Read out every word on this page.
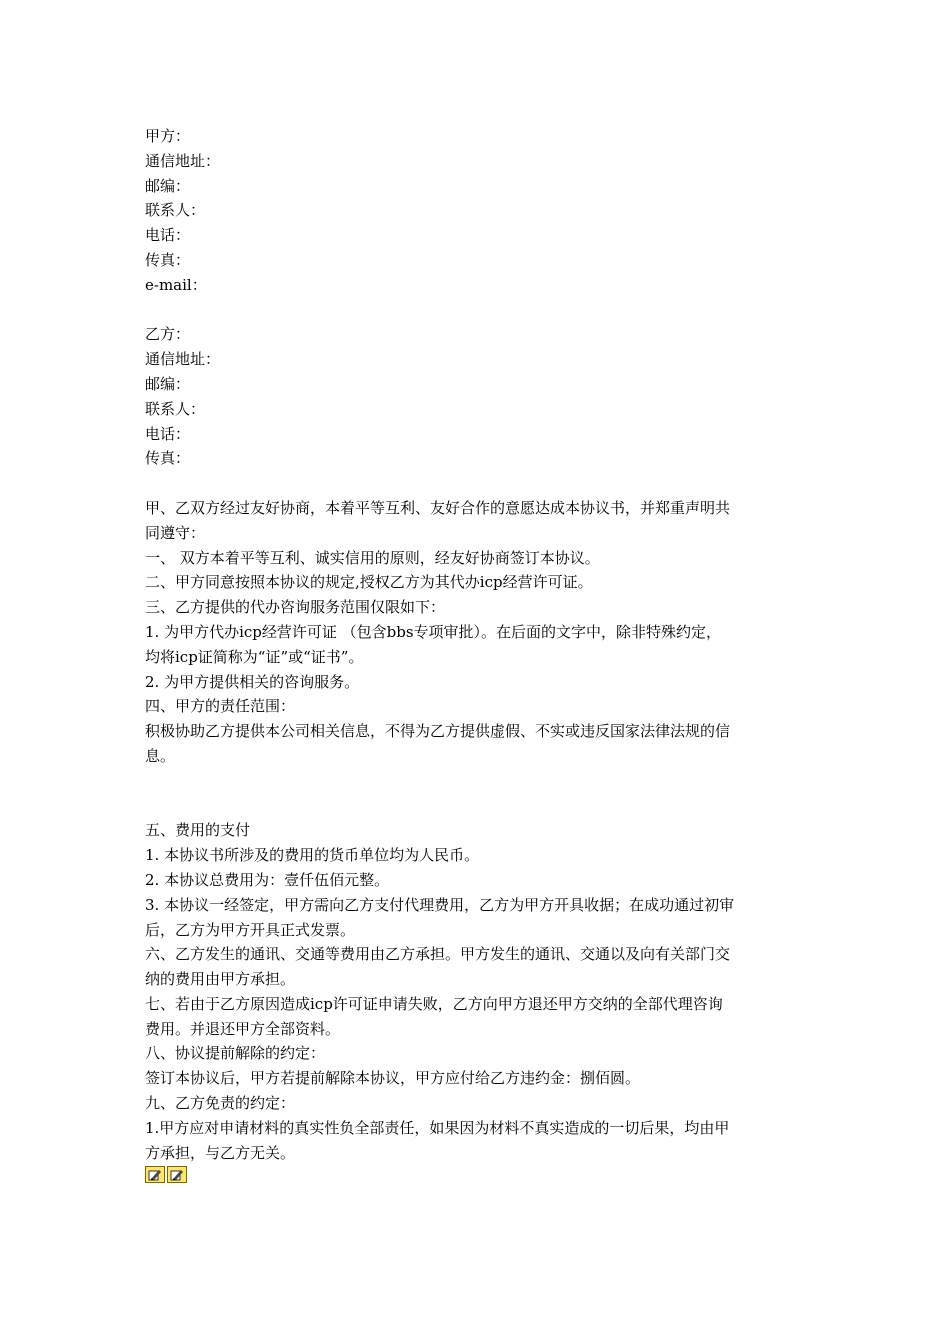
甲方：
通信地址：
邮编：
联系人：
电话：
传真：
e-mail：
乙方：
通信地址：
邮编：
联系人：
电话：
传真：
甲、乙双方经过友好协商，本着平等互利、友好合作的意愿达成本协议书，并郑重声明共
同遵守：
一、 双方本着平等互利、诚实信用的原则，经友好协商签订本协议。
二、甲方同意按照本协议的规定,授权乙方为其代办icp经营许可证。
三、乙方提供的代办咨询服务范围仅限如下：
1. 为甲方代办icp经营许可证 （包含bbs专项审批）。在后面的文字中，除非特殊约定，
均将icp证简称为“证”或“证书”。
2. 为甲方提供相关的咨询服务。
四、甲方的责任范围：
积极协助乙方提供本公司相关信息，不得为乙方提供虚假、不实或违反国家法律法规的信
息。
五、费用的支付
1. 本协议书所涉及的费用的货币单位均为人民币。
2. 本协议总费用为：壹仟伍佰元整。
3. 本协议一经签定，甲方需向乙方支付代理费用，乙方为甲方开具收据；在成功通过初审
后，乙方为甲方开具正式发票。
六、乙方发生的通讯、交通等费用由乙方承担。甲方发生的通讯、交通以及向有关部门交
纳的费用由甲方承担。
七、若由于乙方原因造成icp许可证申请失败，乙方向甲方退还甲方交纳的全部代理咨询
费用。并退还甲方全部资料。
八、协议提前解除的约定：
签订本协议后，甲方若提前解除本协议，甲方应付给乙方违约金：捌佰圆。
九、乙方免责的约定：
1.甲方应对申请材料的真实性负全部责任，如果因为材料不真实造成的一切后果，均由甲
方承担，与乙方无关。
